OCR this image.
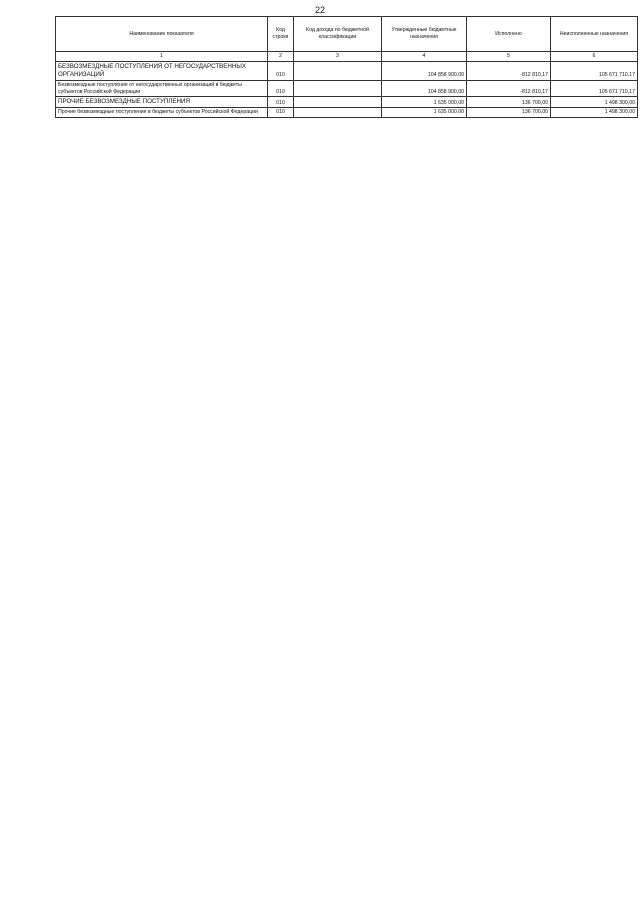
22
Наименование показателя	Код строки	Код дохода по бюджетной классификации	Утвержденные бюджетные назначения	Исполнено	Неисполненные назначения
1	2	3	4	5	6
БЕЗВОЗМЕЗДНЫЕ ПОСТУПЛЕНИЯ ОТ НЕГОСУДАРСТВЕННЫХ ОРГАНИЗАЦИЙ	010		104 858 900,00	-812 810,17	105 671 710,17
Безвозмездные поступления от негосударственных организаций в бюджеты субъектов Российской Федерации	010		104 858 900,00	-812 810,17	105 671 710,17
ПРОЧИЕ БЕЗВОЗМЕЗДНЫЕ ПОСТУПЛЕНИЯ	010		1 635 000,00	136 700,00	1 498 300,00
Прочие безвозмездные поступления в бюджеты субъектов Российской Федерации	010		1 635 000,00	136 700,00	1 498 300,00
